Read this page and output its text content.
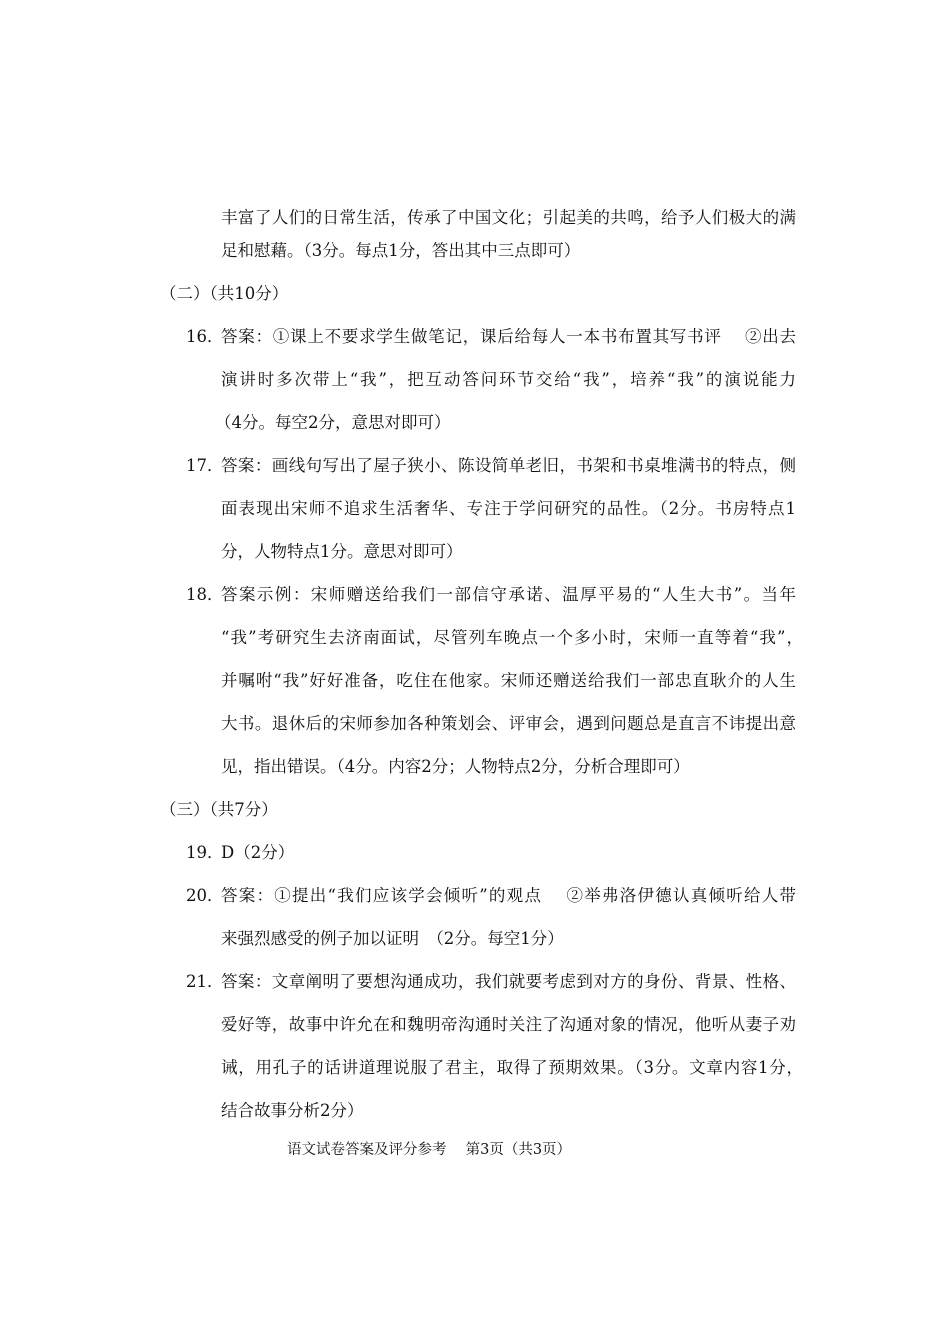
丰富了人们的日常生活，传承了中国文化；引起美的共鸣，给予人们极大的满
足和慰藉。（3分。每点1分，答出其中三点即可）
（二）（共10分）
16．
答案：①课上不要求学生做笔记，课后给每人一本书布置其写书评　 ②出去
演讲时多次带上“我”，把互动答问环节交给“我”，培养“我”的演说能力
（4分。每空2分，意思对即可）
17．
答案：画线句写出了屋子狭小、陈设简单老旧，书架和书桌堆满书的特点，侧
面表现出宋师不追求生活奢华、专注于学问研究的品性。（2分。书房特点1
分，人物特点1分。意思对即可）
18．
答案示例：宋师赠送给我们一部信守承诺、温厚平易的“人生大书”。当年
“我”考研究生去济南面试，尽管列车晚点一个多小时，宋师一直等着“我”，
并嘱咐“我”好好准备，吃住在他家。宋师还赠送给我们一部忠直耿介的人生
大书。退休后的宋师参加各种策划会、评审会，遇到问题总是直言不讳提出意
见，指出错误。（4分。内容2分；人物特点2分，分析合理即可）
（三）（共7分）
19．
D（2分）
20．
答案：①提出“我们应该学会倾听”的观点　 ②举弗洛伊德认真倾听给人带
来强烈感受的例子加以证明　（2分。每空1分）
21．
答案：文章阐明了要想沟通成功，我们就要考虑到对方的身份、背景、性格、
爱好等，故事中许允在和魏明帝沟通时关注了沟通对象的情况，他听从妻子劝
诫，用孔子的话讲道理说服了君主，取得了预期效果。（3分。文章内容1分，
结合故事分析2分）
语文试卷答案及评分参考　 第3页（共3页）
